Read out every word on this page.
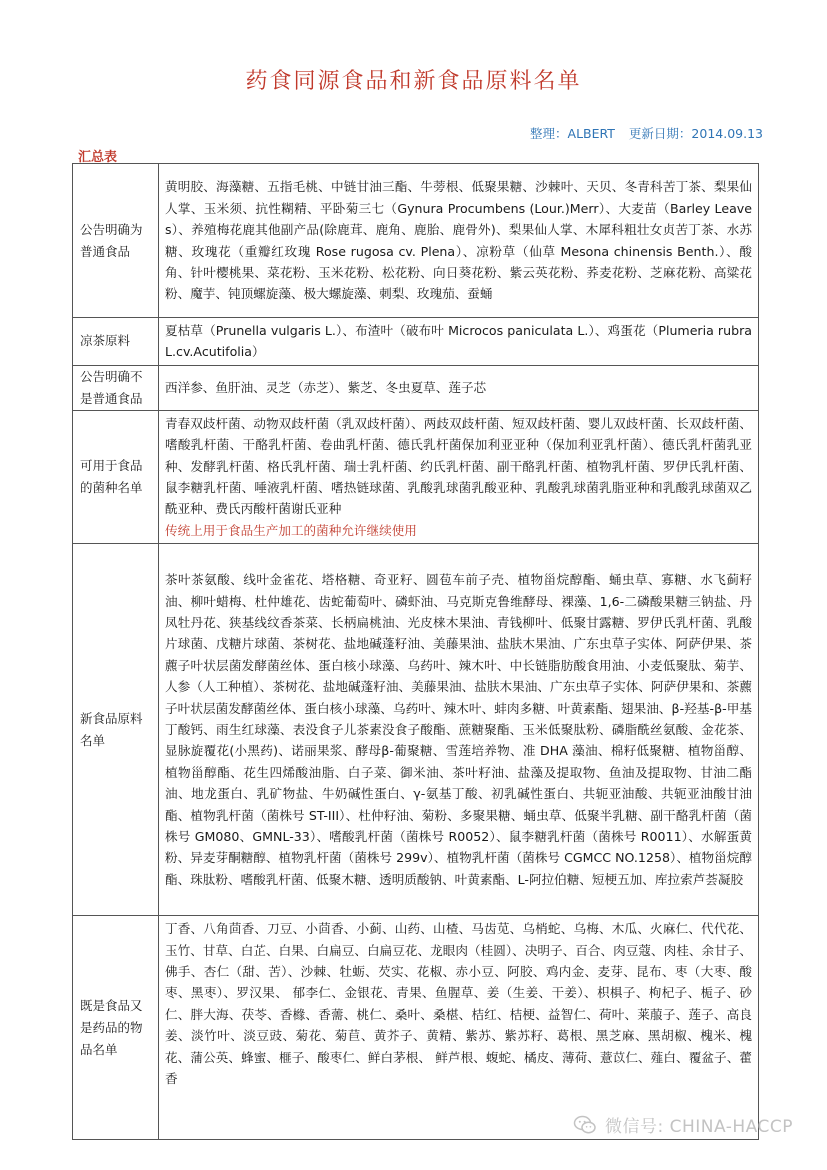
药食同源食品和新食品原料名单
整理：ALBERT 更新日期：2014.09.13
汇总表
公告明确为普通食品	黄明胶、海藻糖、五指毛桃、中链甘油三酯、牛蒡根、低聚果糖、沙棘叶、天贝、冬青科苦丁茶、梨果仙人掌、玉米须、抗性糊精、平卧菊三七（Gynura Procumbens (Lour.)Merr）、大麦苗（Barley Leaves）、养殖梅花鹿其他副产品(除鹿茸、鹿角、鹿胎、鹿骨外)、梨果仙人掌、木犀科粗壮女贞苦丁茶、水苏糖、玫瑰花（重瓣红玫瑰 Rose rugosa cv. Plena）、凉粉草（仙草 Mesona chinensis Benth.）、酸角、针叶樱桃果、菜花粉、玉米花粉、松花粉、向日葵花粉、紫云英花粉、荞麦花粉、芝麻花粉、高粱花粉、魔芋、钝顶螺旋藻、极大螺旋藻、刺梨、玫瑰茄、蚕蛹
凉茶原料	夏枯草（Prunella vulgaris L.）、布渣叶（破布叶 Microcos paniculata L.）、鸡蛋花（Plumeria rubra L.cv.Acutifolia）
公告明确不是普通食品	西洋参、鱼肝油、灵芝（赤芝）、紫芝、冬虫夏草、莲子芯
可用于食品的菌种名单	青春双歧杆菌、动物双歧杆菌（乳双歧杆菌）、两歧双歧杆菌、短双歧杆菌、婴儿双歧杆菌、长双歧杆菌、嗜酸乳杆菌、干酪乳杆菌、卷曲乳杆菌、德氏乳杆菌保加利亚亚种（保加利亚乳杆菌）、德氏乳杆菌乳亚种、发酵乳杆菌、格氏乳杆菌、瑞士乳杆菌、约氏乳杆菌、副干酪乳杆菌、植物乳杆菌、罗伊氏乳杆菌、鼠李糖乳杆菌、唾液乳杆菌、嗜热链球菌、乳酸乳球菌乳酸亚种、乳酸乳球菌乳脂亚种和乳酸乳球菌双乙酰亚种、费氏丙酸杆菌谢氏亚种
传统上用于食品生产加工的菌种允许继续使用

新食品原料名单	茶叶茶氨酸、线叶金雀花、塔格糖、奇亚籽、圆苞车前子壳、植物甾烷醇酯、蛹虫草、寡糖、水飞蓟籽油、柳叶蜡梅、杜仲雄花、齿蛇葡萄叶、磷虾油、马克斯克鲁维酵母、裸藻、1,6-二磷酸果糖三钠盐、丹凤牡丹花、狭基线纹香茶菜、长柄扁桃油、光皮梾木果油、青钱柳叶、低聚甘露糖、罗伊氏乳杆菌、乳酸片球菌、戊糖片球菌、茶树花、盐地碱蓬籽油、美藤果油、盐肤木果油、广东虫草子实体、阿萨伊果、茶藨子叶状层菌发酵菌丝体、蛋白核小球藻、乌药叶、辣木叶、中长链脂肪酸食用油、小麦低聚肽、菊芋、人参（人工种植）、茶树花、盐地碱蓬籽油、美藤果油、盐肤木果油、广东虫草子实体、阿萨伊果和、茶藨子叶状层菌发酵菌丝体、蛋白核小球藻、乌药叶、辣木叶、蚌肉多糖、叶黄素酯、翅果油、β-羟基-β-甲基丁酸钙、雨生红球藻、表没食子儿茶素没食子酸酯、蔗糖聚酯、玉米低聚肽粉、磷脂酰丝氨酸、金花茶、显脉旋覆花(小黑药)、诺丽果浆、酵母β-葡聚糖、雪莲培养物、准 DHA 藻油、棉籽低聚糖、植物甾醇、植物甾醇酯、花生四烯酸油脂、白子菜、御米油、茶叶籽油、盐藻及提取物、鱼油及提取物、甘油二酯油、地龙蛋白、乳矿物盐、牛奶碱性蛋白、γ-氨基丁酸、初乳碱性蛋白、共轭亚油酸、共轭亚油酸甘油酯、植物乳杆菌（菌株号 ST-III）、杜仲籽油、菊粉、多聚果糖、蛹虫草、低聚半乳糖、副干酪乳杆菌（菌株号 GM080、GMNL-33）、嗜酸乳杆菌（菌株号 R0052）、鼠李糖乳杆菌（菌株号 R0011）、水解蛋黄粉、异麦芽酮糖醇、植物乳杆菌（菌株号 299v）、植物乳杆菌（菌株号 CGMCC NO.1258）、植物甾烷醇酯、珠肽粉、嗜酸乳杆菌、低聚木糖、透明质酸钠、叶黄素酯、L-阿拉伯糖、短梗五加、库拉索芦荟凝胶
既是食品又是药品的物品名单	丁香、八角茴香、刀豆、小茴香、小蓟、山药、山楂、马齿苋、乌梢蛇、乌梅、木瓜、火麻仁、代代花、玉竹、甘草、白芷、白果、白扁豆、白扁豆花、龙眼肉（桂圆）、决明子、百合、肉豆蔻、肉桂、余甘子、佛手、杏仁（甜、苦）、沙棘、牡蛎、芡实、花椒、赤小豆、阿胶、鸡内金、麦芽、昆布、枣（大枣、酸枣、黑枣）、罗汉果、 郁李仁、金银花、青果、鱼腥草、姜（生姜、干姜）、枳椇子、枸杞子、栀子、砂仁、胖大海、茯苓、香橼、香薷、桃仁、桑叶、桑椹、桔红、桔梗、益智仁、荷叶、莱菔子、莲子、高良姜、淡竹叶、淡豆豉、菊花、菊苣、黄芥子、黄精、紫苏、紫苏籽、葛根、黑芝麻、黑胡椒、槐米、槐花、蒲公英、蜂蜜、榧子、酸枣仁、鲜白茅根、 鲜芦根、蝮蛇、橘皮、薄荷、薏苡仁、薤白、覆盆子、藿香
微信号: CHINA-HACCP
